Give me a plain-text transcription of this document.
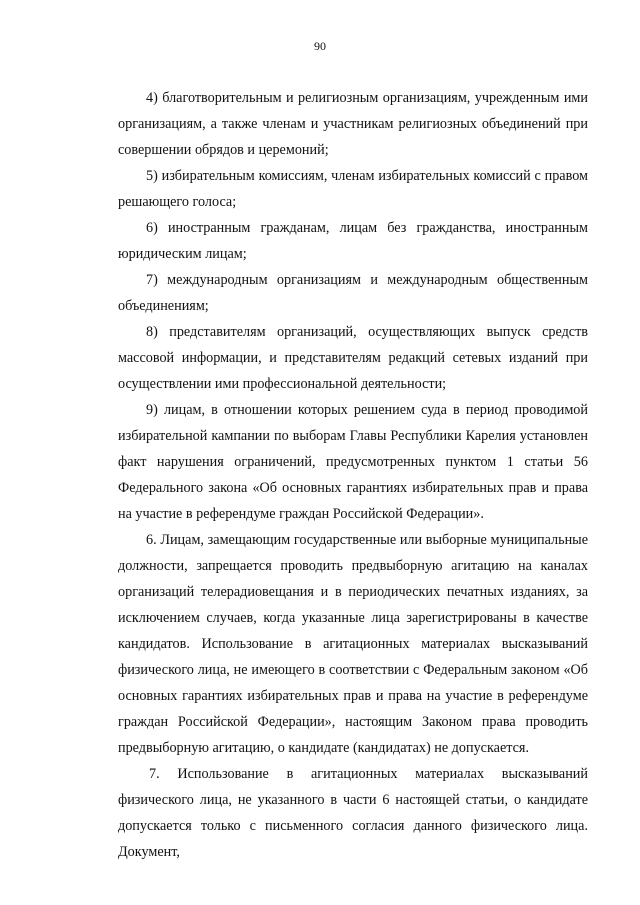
90

4) благотворительным и религиозным организациям, учрежденным ими организациям, а также членам и участникам религиозных объединений при совершении обрядов и церемоний;

5) избирательным комиссиям, членам избирательных комиссий с правом решающего голоса;

6) иностранным гражданам, лицам без гражданства, иностранным юридическим лицам;

7) международным организациям и международным общественным объединениям;

8) представителям организаций, осуществляющих выпуск средств массовой информации, и представителям редакций сетевых изданий при осуществлении ими профессиональной деятельности;

9) лицам, в отношении которых решением суда в период проводимой избирательной кампании по выборам Главы Республики Карелия установлен факт нарушения ограничений, предусмотренных пунктом 1 статьи 56 Федерального закона «Об основных гарантиях избирательных прав и права на участие в референдуме граждан Российской Федерации».

6. Лицам, замещающим государственные или выборные муниципальные должности, запрещается проводить предвыборную агитацию на каналах организаций телерадиовещания и в периодических печатных изданиях, за исключением случаев, когда указанные лица зарегистрированы в качестве кандидатов. Использование в агитационных материалах высказываний физического лица, не имеющего в соответствии с Федеральным законом «Об основных гарантиях избирательных прав и права на участие в референдуме граждан Российской Федерации», настоящим Законом права проводить предвыборную агитацию, о кандидате (кандидатах) не допускается.

7. Использование в агитационных материалах высказываний физического лица, не указанного в части 6 настоящей статьи, о кандидате допускается только с письменного согласия данного физического лица. Документ,
